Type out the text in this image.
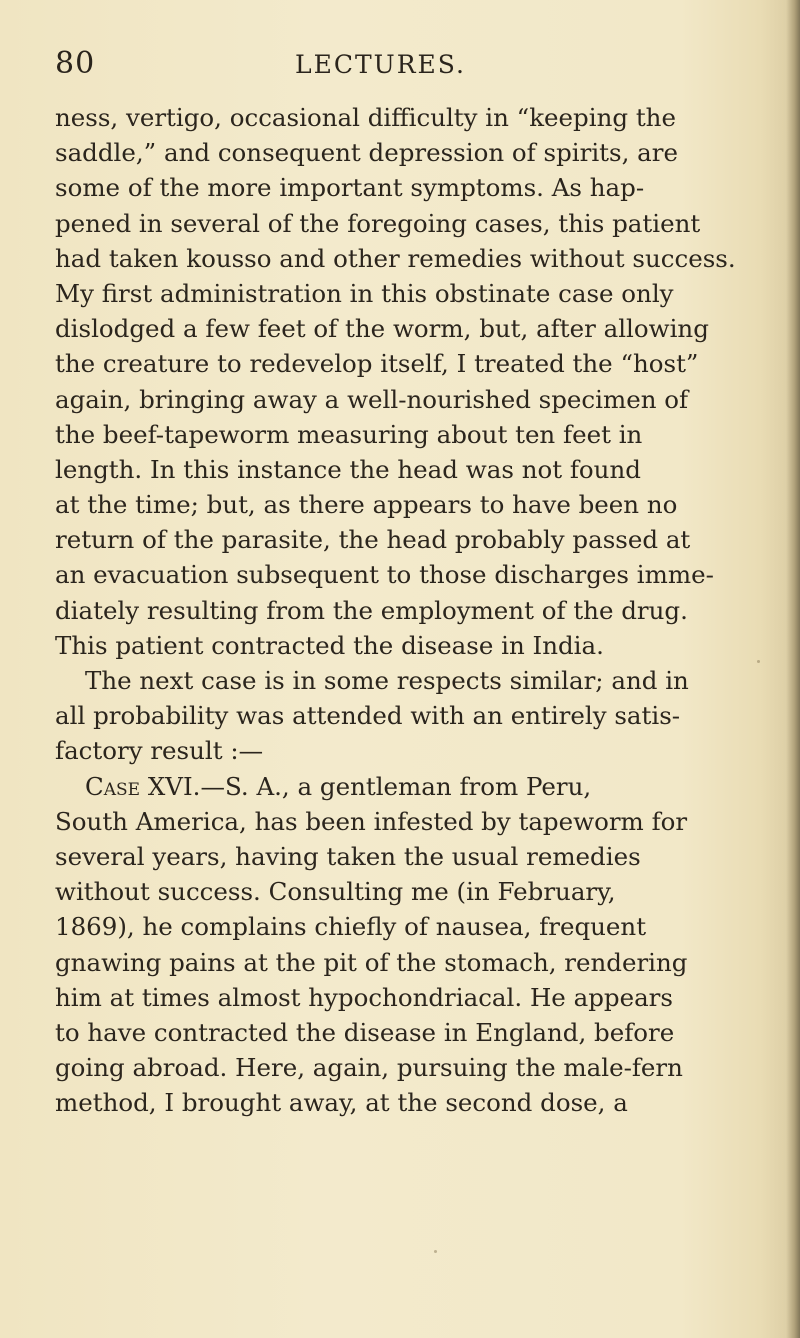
80	LECTURES.
ness, vertigo, occasional difficulty in “keeping the
saddle,” and consequent depression of spirits, are
some of the more important symptoms. As hap-
pened in several of the foregoing cases, this patient
had taken kousso and other remedies without success.
My first administration in this obstinate case only
dislodged a few feet of the worm, but, after allowing
the creature to redevelop itself, I treated the “host”
again, bringing away a well-nourished specimen of
the beef-tapeworm measuring about ten feet in
length. In this instance the head was not found
at the time; but, as there appears to have been no
return of the parasite, the head probably passed at
an evacuation subsequent to those discharges imme-
diately resulting from the employment of the drug.
This patient contracted the disease in India.
The next case is in some respects similar; and in
all probability was attended with an entirely satis-
factory result :—
Case XVI.—S. A., a gentleman from Peru,
South America, has been infested by tapeworm for
several years, having taken the usual remedies
without success. Consulting me (in February,
1869), he complains chiefly of nausea, frequent
gnawing pains at the pit of the stomach, rendering
him at times almost hypochondriacal. He appears
to have contracted the disease in England, before
going abroad. Here, again, pursuing the male-fern
method, I brought away, at the second dose, a
